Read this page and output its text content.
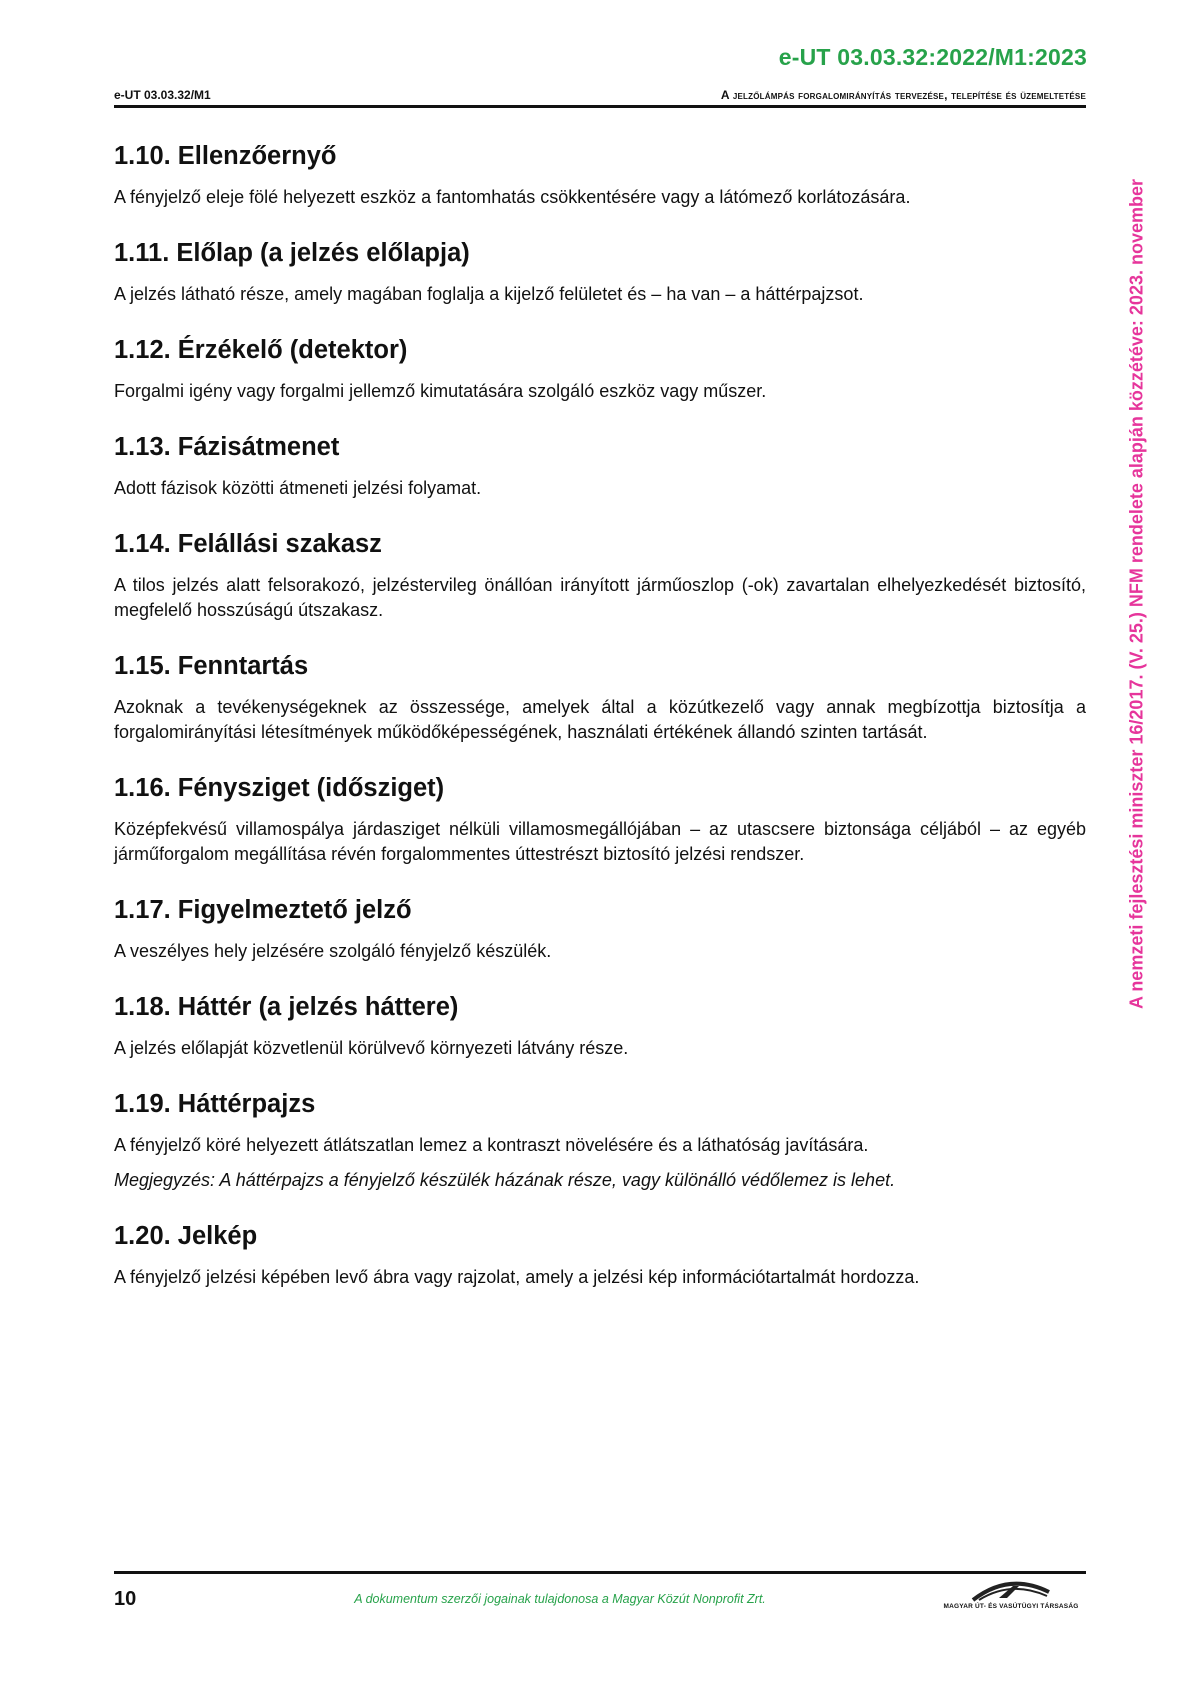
e-UT 03.03.32:2022/M1:2023
e-UT 03.03.32/M1	A jelzőlámpás forgalomirányítás tervezése, telepítése és üzemeltetése
A nemzeti fejlesztési miniszter 16/2017. (V. 25.) NFM rendelete alapján közzétéve: 2023. november
1.10. Ellenzőernyő

A fényjelző eleje fölé helyezett eszköz a fantomhatás csökkentésére vagy a látómező korlátozására.

1.11. Előlap (a jelzés előlapja)

A jelzés látható része, amely magában foglalja a kijelző felületet és – ha van – a háttérpajzsot.

1.12. Érzékelő (detektor)

Forgalmi igény vagy forgalmi jellemző kimutatására szolgáló eszköz vagy műszer.

1.13. Fázisátmenet

Adott fázisok közötti átmeneti jelzési folyamat.

1.14. Felállási szakasz

A tilos jelzés alatt felsorakozó, jelzéstervileg önállóan irányított járműoszlop (-ok) zavartalan elhelyezkedését biztosító, megfelelő hosszúságú útszakasz.

1.15. Fenntartás

Azoknak a tevékenységeknek az összessége, amelyek által a közútkezelő vagy annak megbízottja biztosítja a forgalomirányítási létesítmények működőképességének, használati értékének állandó szinten tartását.

1.16. Fénysziget (idősziget)

Középfekvésű villamospálya járdasziget nélküli villamosmegállójában – az utascsere biztonsága céljából – az egyéb járműforgalom megállítása révén forgalommentes úttestrészt biztosító jelzési rendszer.

1.17. Figyelmeztető jelző

A veszélyes hely jelzésére szolgáló fényjelző készülék.

1.18. Háttér (a jelzés háttere)

A jelzés előlapját közvetlenül körülvevő környezeti látvány része.

1.19. Háttérpajzs

A fényjelző köré helyezett átlátszatlan lemez a kontraszt növelésére és a láthatóság javítására.

Megjegyzés: A háttérpajzs a fényjelző készülék házának része, vagy különálló védőlemez is lehet.

1.20. Jelkép

A fényjelző jelzési képében levő ábra vagy rajzolat, amely a jelzési kép információtartalmát hordozza.

10	A dokumentum szerzői jogainak tulajdonosa a Magyar Közút Nonprofit Zrt.
MAGYAR ÚT- ÉS VASÚTÜGYI TÁRSASÁG
